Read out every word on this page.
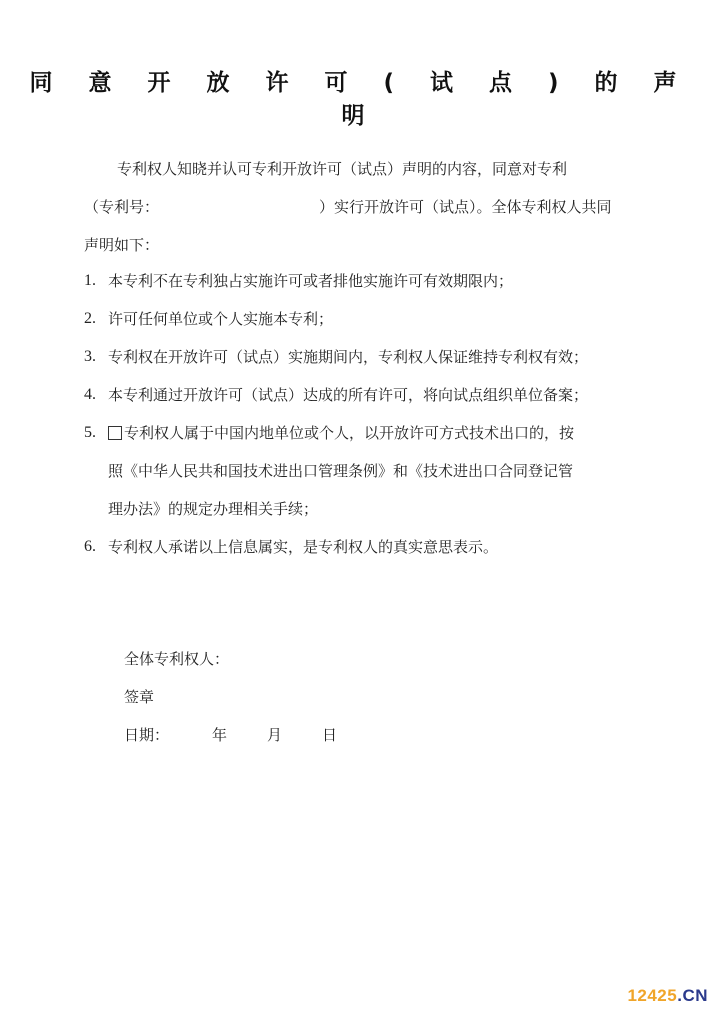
同 意 开 放 许 可 ( 试 点 ) 的 声 明
专利权人知晓并认可专利开放许可（试点）声明的内容，同意对专利
（专利号：	）实行开放许可（试点）。全体专利权人共同
声明如下：
1. 本专利不在专利独占实施许可或者排他实施许可有效期限内；
2. 许可任何单位或个人实施本专利；
3. 专利权在开放许可（试点）实施期间内，专利权人保证维持专利权有效；
4. 本专利通过开放许可（试点）达成的所有许可，将向试点组织单位备案；
5.	专利权人属于中国内地单位或个人，以开放许可方式技术出口的，按
照《中华人民共和国技术进出口管理条例》和《技术进出口合同登记管
理办法》的规定办理相关手续；
6. 专利权人承诺以上信息属实，是专利权人的真实意思表示。
全体专利权人：
签章
日期：	年	月	日
12425.CN
